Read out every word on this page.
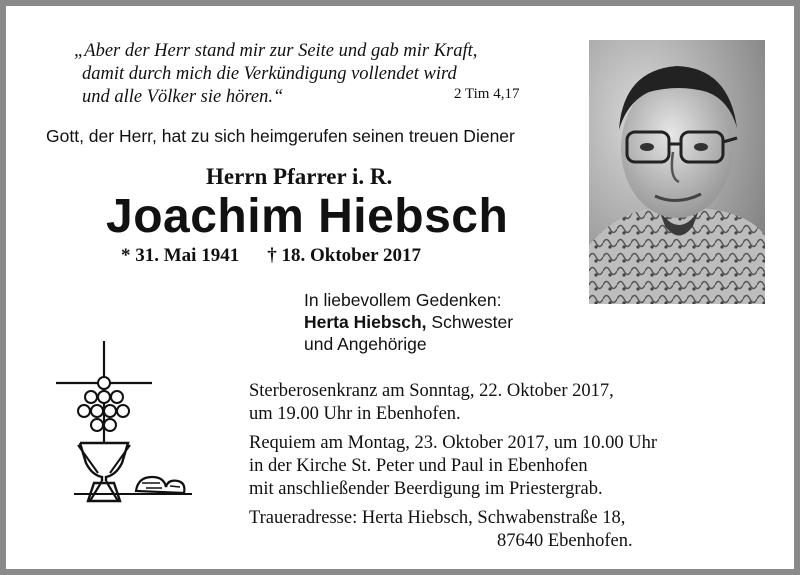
„Aber der Herr stand mir zur Seite und gab mir Kraft,
damit durch mich die Verkündigung vollendet wird
und alle Völker sie hören.“	2 Tim 4,17
Gott, der Herr, hat zu sich heimgerufen seinen treuen Diener
Herrn Pfarrer i. R.
Joachim Hiebsch
* 31. Mai 1941 † 18. Oktober 2017
In liebevollem Gedenken:
Herta Hiebsch, Schwester
und Angehörige
Sterberosenkranz am Sonntag, 22. Oktober 2017,
um 19.00 Uhr in Ebenhofen.
Requiem am Montag, 23. Oktober 2017, um 10.00 Uhr
in der Kirche St. Peter und Paul in Ebenhofen
mit anschließender Beerdigung im Priestergrab.
Traueradresse: Herta Hiebsch, Schwabenstraße 18,
87640 Ebenhofen.
